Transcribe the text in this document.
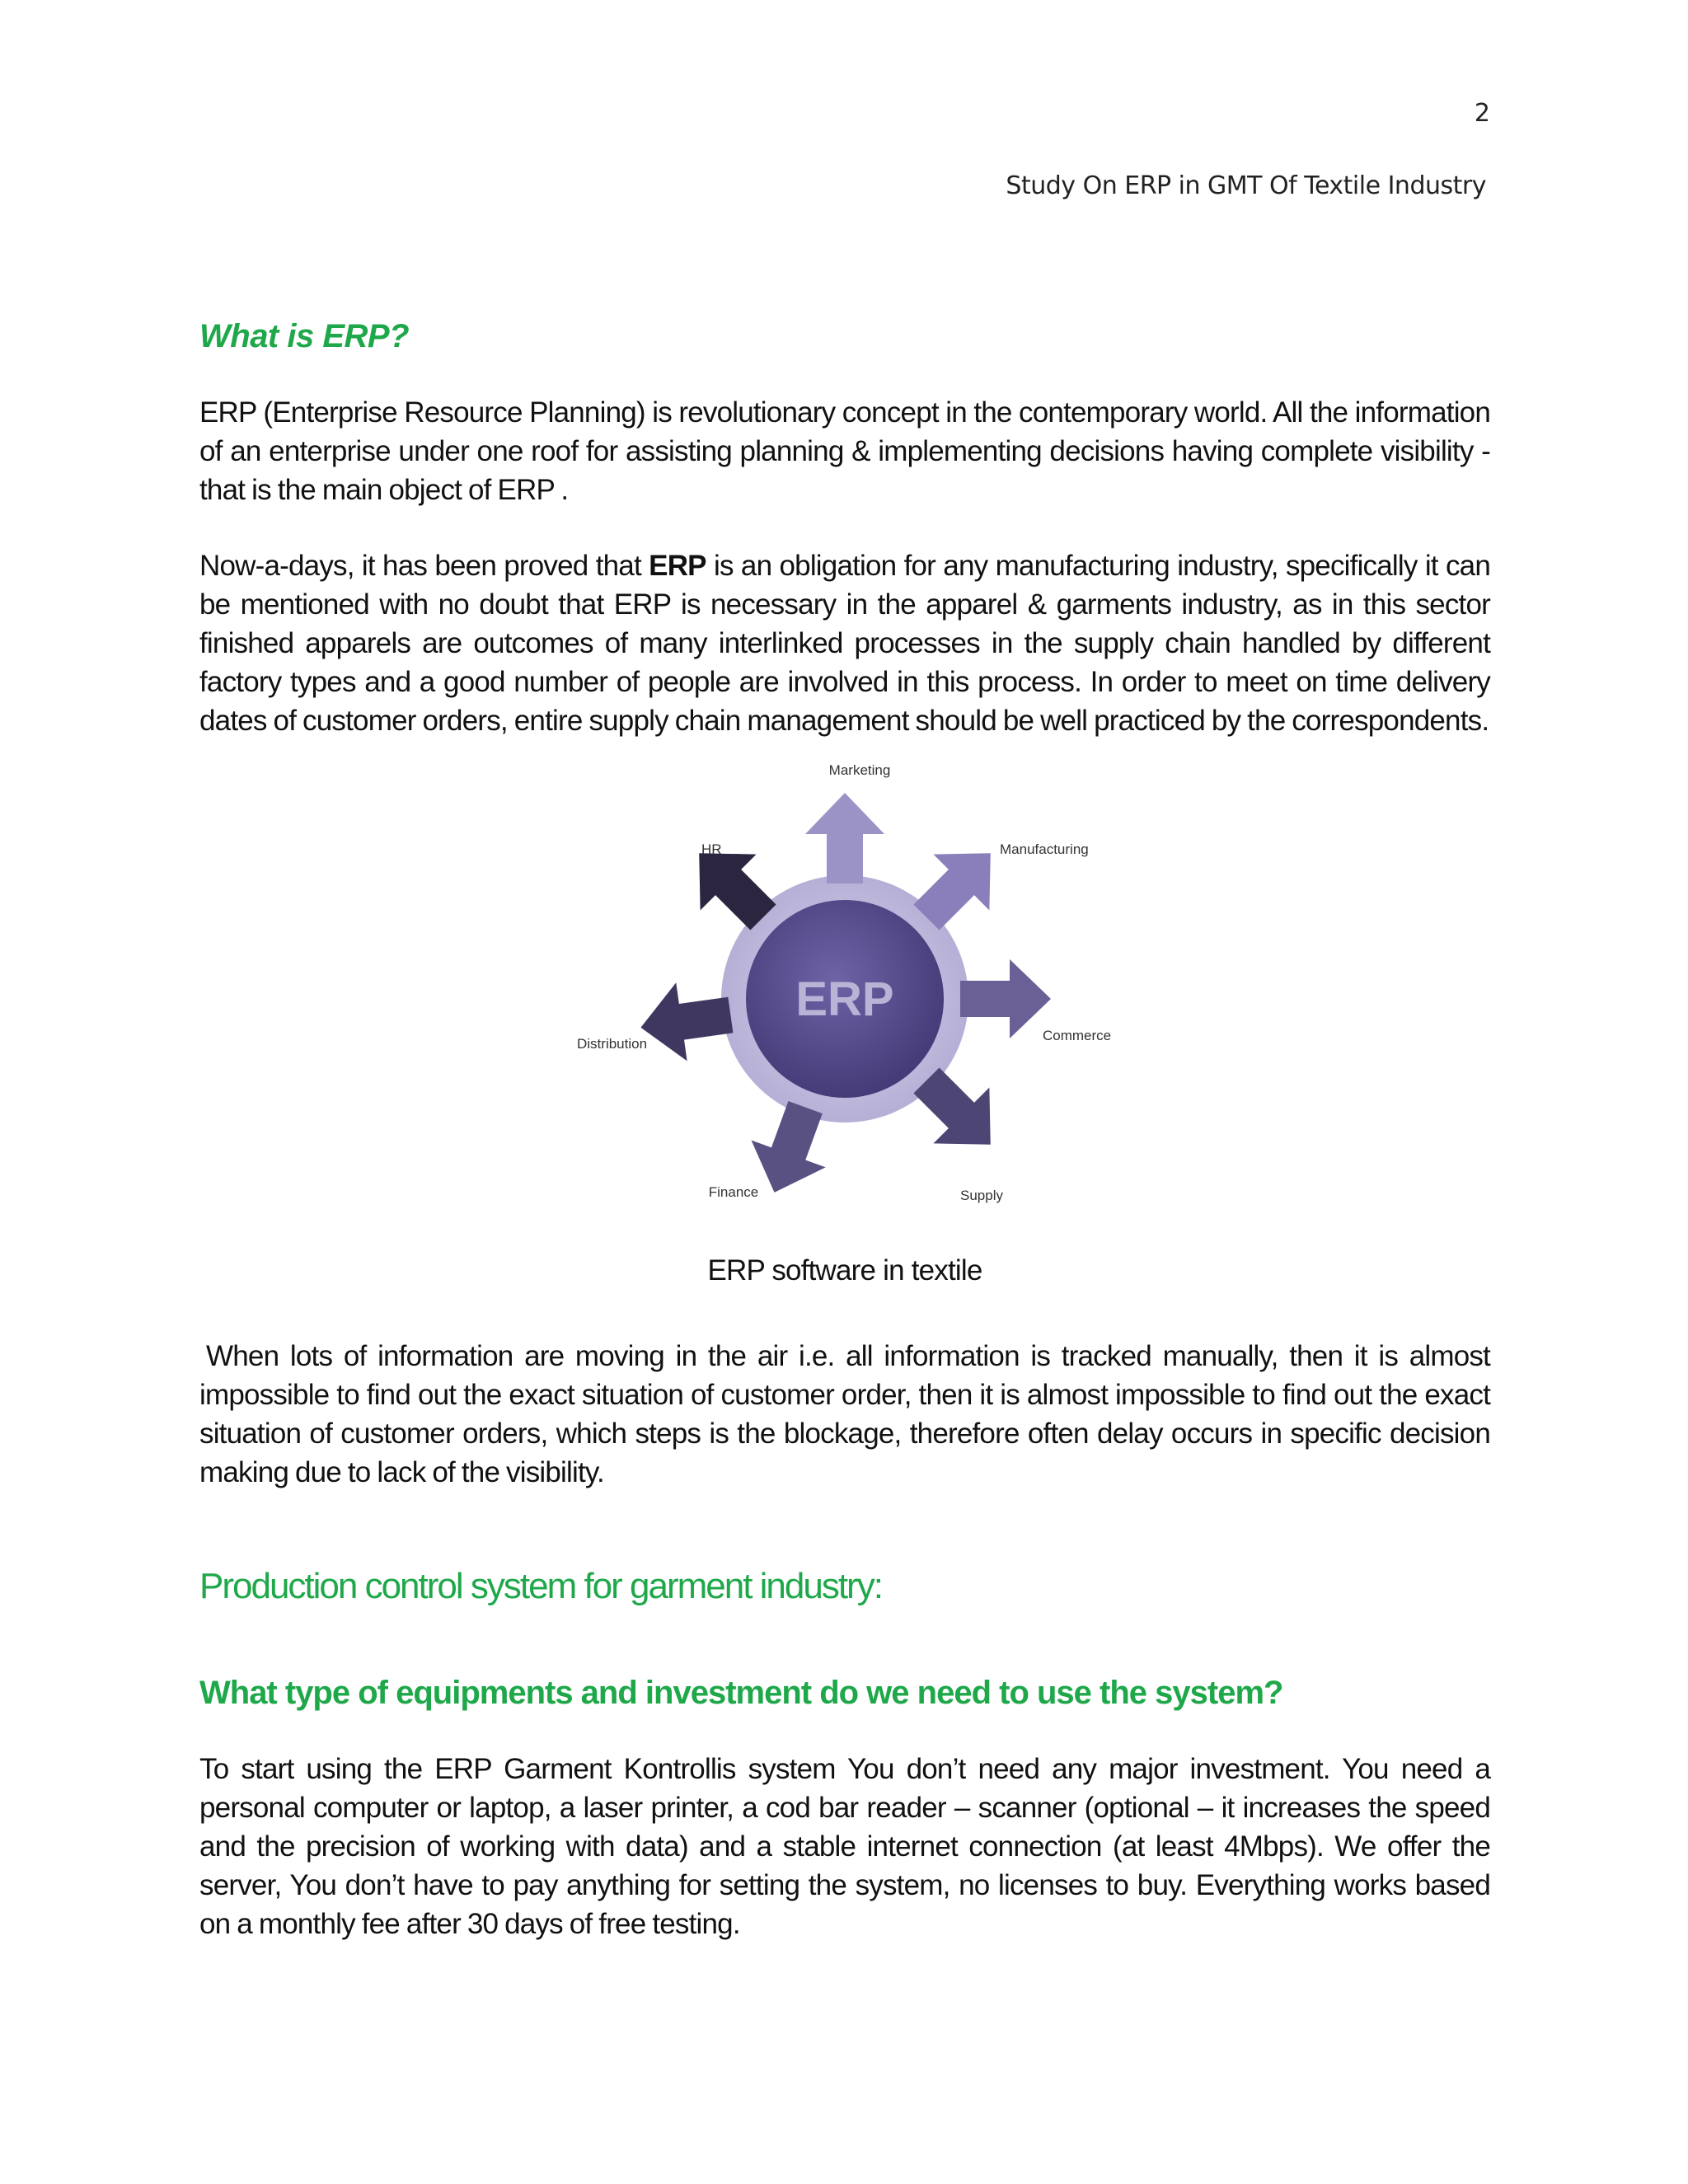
2
Study On ERP in GMT Of Textile Industry
What is ERP?

ERP (Enterprise Resource Planning) is revolutionary concept in the contemporary world. All the information of an enterprise under one roof for assisting planning & implementing decisions having complete visibility - that is the main object of ERP .

Now-a-days, it has been proved that ERP is an obligation for any manufacturing industry, specifically it can be mentioned with no doubt that ERP is necessary in the apparel & garments industry, as in this sector finished apparels are outcomes of many interlinked processes in the supply chain handled by different factory types and a good number of people are involved in this process. In order to meet on time delivery dates of customer orders, entire supply chain management should be well practiced by the correspondents.

ERP
Marketing
Manufacturing
Commerce
Supply
Finance
Distribution
HR
ERP software in textile

When lots of information are moving in the air i.e. all information is tracked manually, then it is almost impossible to find out the exact situation of customer order, then it is almost impossible to find out the exact situation of customer orders, which steps is the blockage, therefore often delay occurs in specific decision making due to lack of the visibility.

Production control system for garment industry:
What type of equipments and investment do we need to use the system?

To start using the ERP Garment Kontrollis system You don’t need any major investment. You need a personal computer or laptop, a laser printer, a cod bar reader – scanner (optional – it increases the speed and the precision of working with data) and a stable internet connection (at least 4Mbps). We offer the server, You don’t have to pay anything for setting the system, no licenses to buy. Everything works based on a monthly fee after 30 days of free testing.
